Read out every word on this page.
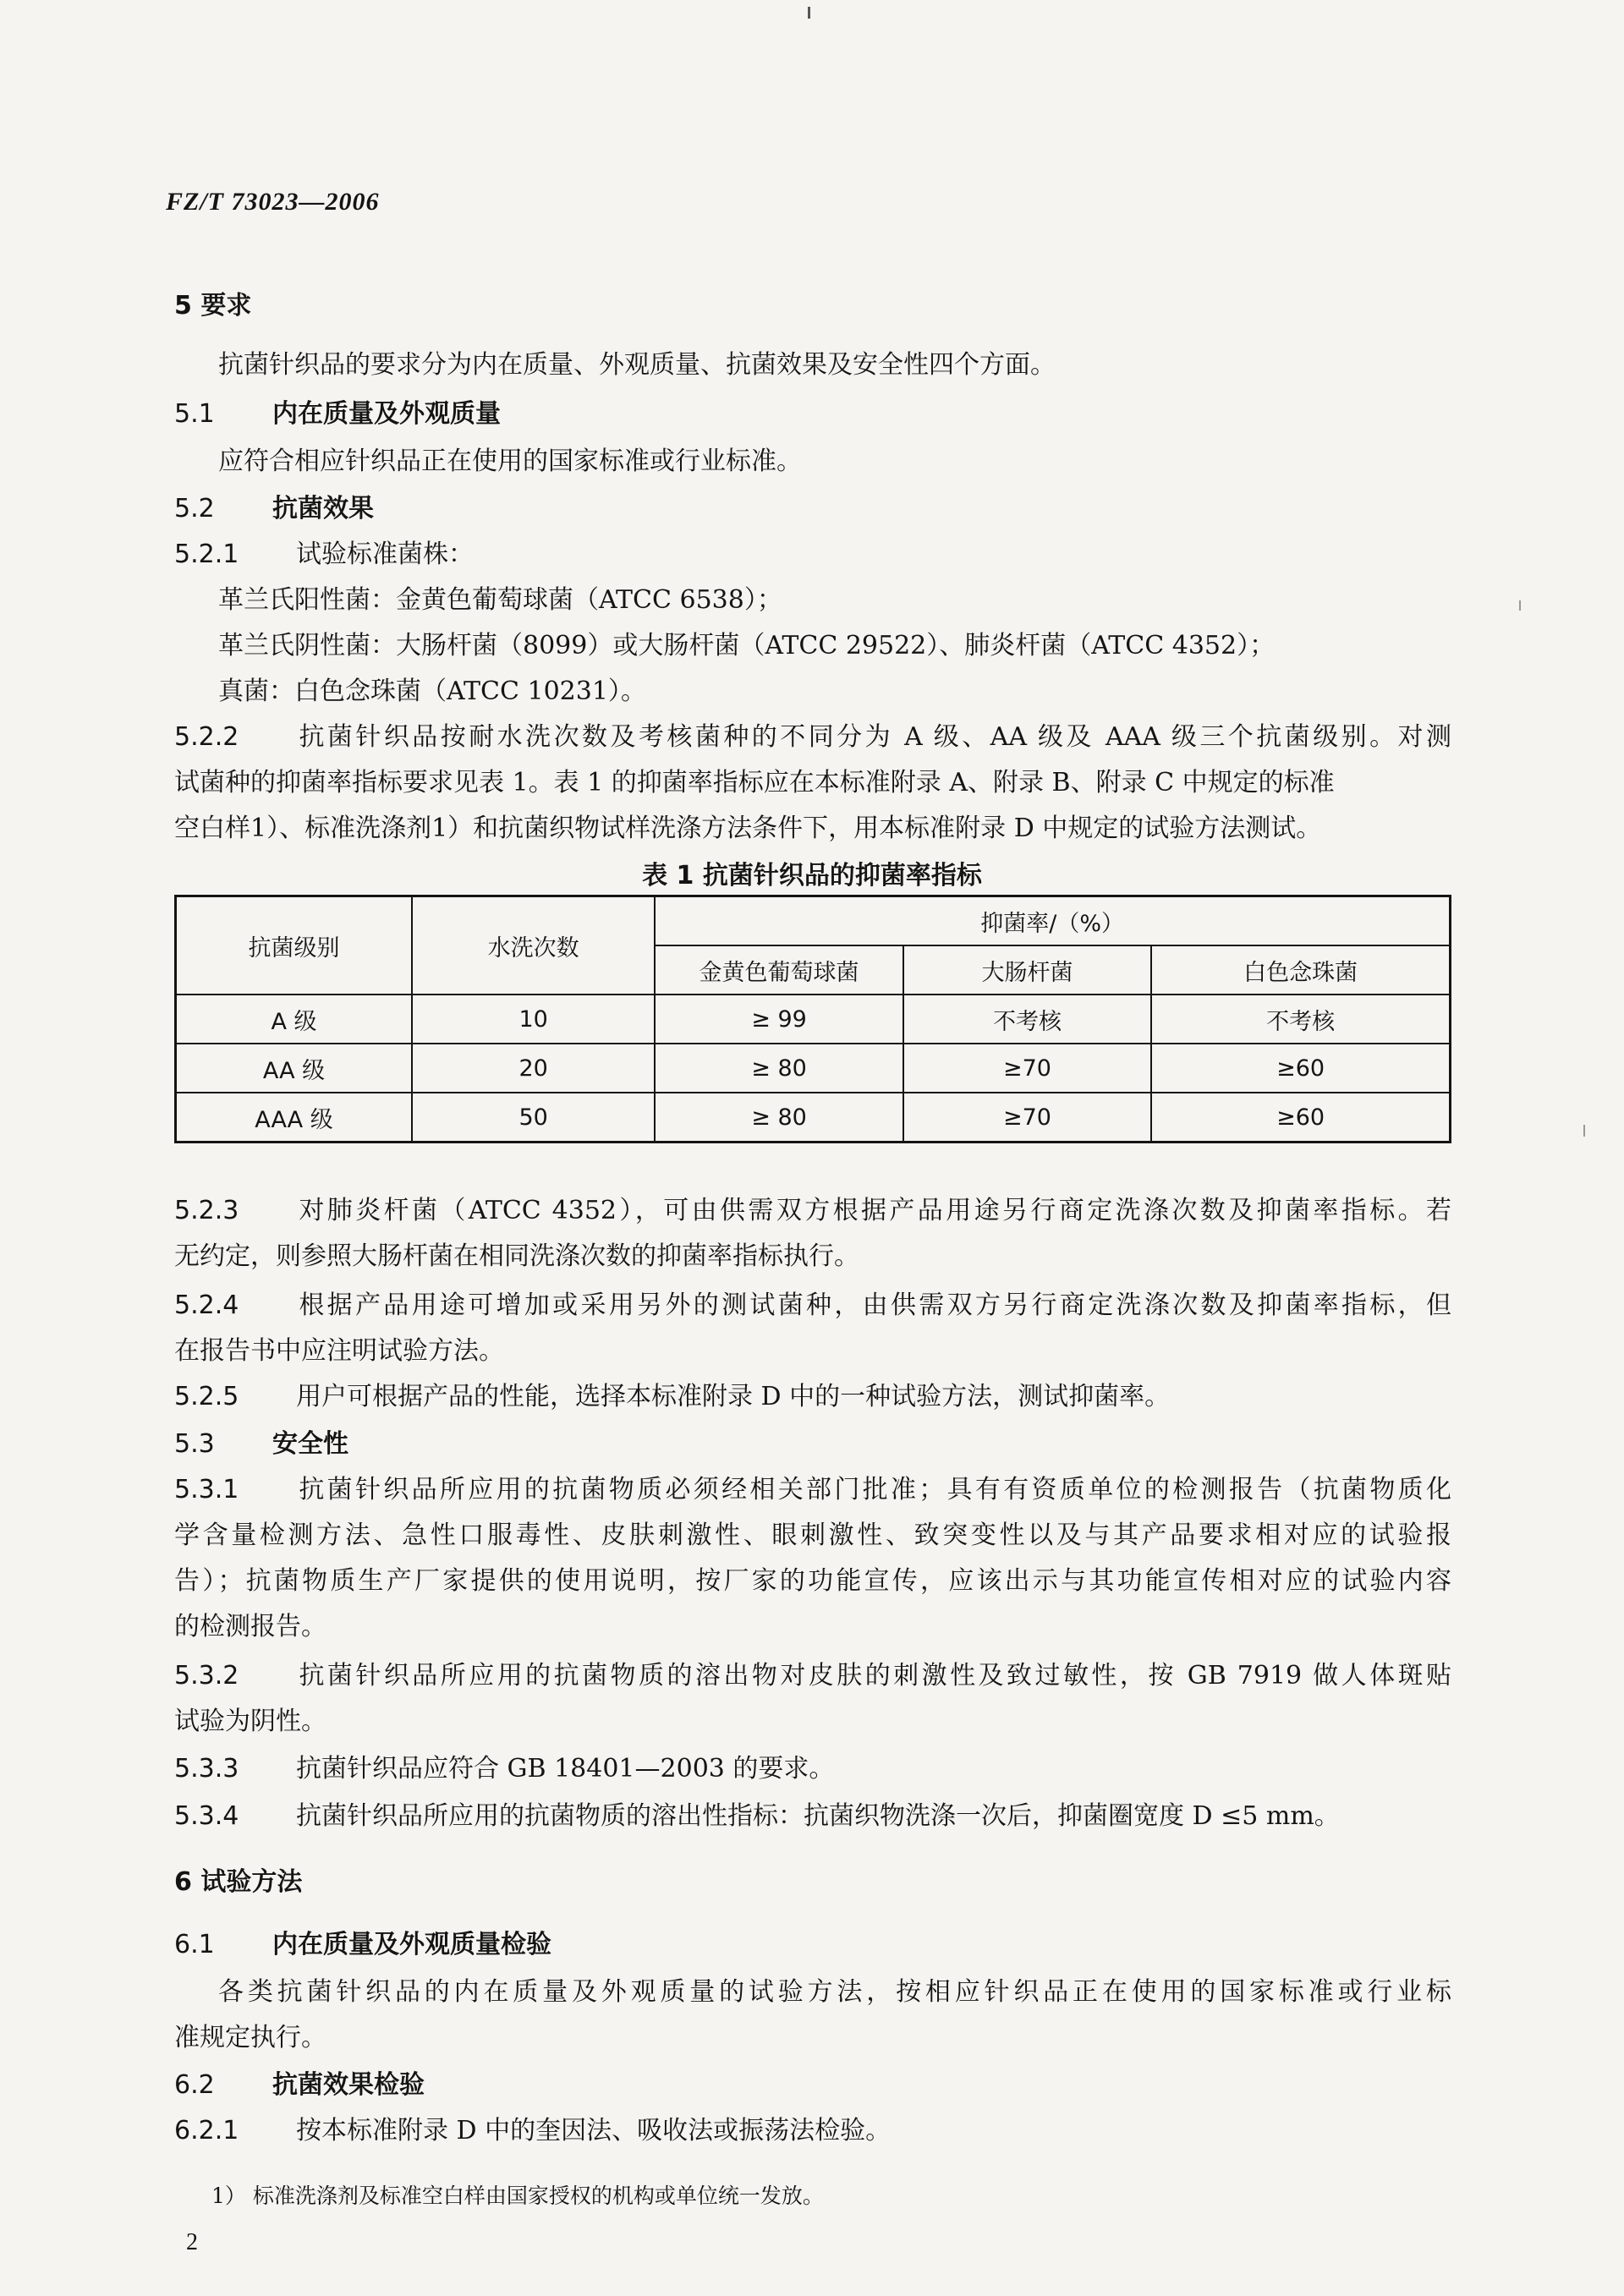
FZ/T 73023—2006
5 要求
抗菌针织品的要求分为内在质量、外观质量、抗菌效果及安全性四个方面。
5.1 内在质量及外观质量
应符合相应针织品正在使用的国家标准或行业标准。
5.2 抗菌效果
5.2.1 试验标准菌株：
革兰氏阳性菌：金黄色葡萄球菌（ATCC 6538）；
革兰氏阴性菌：大肠杆菌（8099）或大肠杆菌（ATCC 29522）、肺炎杆菌（ATCC 4352）；
真菌：白色念珠菌（ATCC 10231）。
5.2.2 抗菌针织品按耐水洗次数及考核菌种的不同分为 A 级、AA 级及 AAA 级三个抗菌级别。对测
试菌种的抑菌率指标要求见表 1。表 1 的抑菌率指标应在本标准附录 A、附录 B、附录 C 中规定的标准
空白样1）、标准洗涤剂1）和抗菌织物试样洗涤方法条件下，用本标准附录 D 中规定的试验方法测试。
表 1 抗菌针织品的抑菌率指标
抗菌级别	水洗次数	抑菌率/（%）		
		金黄色葡萄球菌	大肠杆菌	白色念珠菌
A 级	10	≥ 99	不考核	不考核
AA 级	20	≥ 80	≥70	≥60
AAA 级	50	≥ 80	≥70	≥60
5.2.3 对肺炎杆菌（ATCC 4352），可由供需双方根据产品用途另行商定洗涤次数及抑菌率指标。若
无约定，则参照大肠杆菌在相同洗涤次数的抑菌率指标执行。
5.2.4 根据产品用途可增加或采用另外的测试菌种，由供需双方另行商定洗涤次数及抑菌率指标，但
在报告书中应注明试验方法。
5.2.5 用户可根据产品的性能，选择本标准附录 D 中的一种试验方法，测试抑菌率。
5.3 安全性
5.3.1 抗菌针织品所应用的抗菌物质必须经相关部门批准；具有有资质单位的检测报告（抗菌物质化
学含量检测方法、急性口服毒性、皮肤刺激性、眼刺激性、致突变性以及与其产品要求相对应的试验报
告）；抗菌物质生产厂家提供的使用说明，按厂家的功能宣传，应该出示与其功能宣传相对应的试验内容
的检测报告。
5.3.2 抗菌针织品所应用的抗菌物质的溶出物对皮肤的刺激性及致过敏性，按 GB 7919 做人体斑贴
试验为阴性。
5.3.3 抗菌针织品应符合 GB 18401—2003 的要求。
5.3.4 抗菌针织品所应用的抗菌物质的溶出性指标：抗菌织物洗涤一次后，抑菌圈宽度 D ≤5 mm。
6 试验方法
6.1 内在质量及外观质量检验
各类抗菌针织品的内在质量及外观质量的试验方法，按相应针织品正在使用的国家标准或行业标
准规定执行。
6.2 抗菌效果检验
6.2.1 按本标准附录 D 中的奎因法、吸收法或振荡法检验。
1） 标准洗涤剂及标准空白样由国家授权的机构或单位统一发放。
2
